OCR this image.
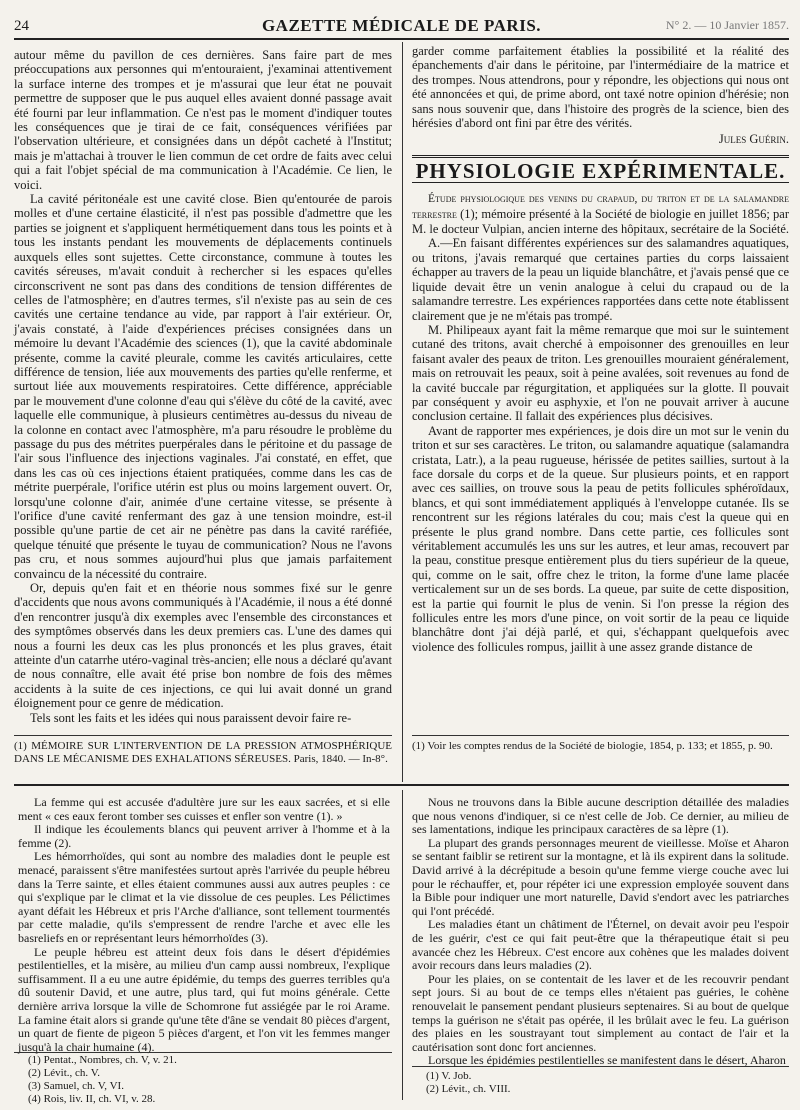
24	GAZETTE MÉDICALE DE PARIS.	N° 2. — 10 Janvier 1857.

autour même du pavillon de ces dernières. Sans faire part de mes préoccupations aux personnes qui m'entouraient, j'examinai attentivement la surface interne des trompes et je m'assurai que leur état ne pouvait permettre de supposer que le pus auquel elles avaient donné passage avait été fourni par leur inflammation. Ce n'est pas le moment d'indiquer toutes les conséquences que je tirai de ce fait, conséquences vérifiées par l'observation ultérieure, et consignées dans un dépôt cacheté à l'Institut; mais je m'attachai à trouver le lien commun de cet ordre de faits avec celui qui a fait l'objet spécial de ma communication à l'Académie. Ce lien, le voici.

La cavité péritonéale est une cavité close. Bien qu'entourée de parois molles et d'une certaine élasticité, il n'est pas possible d'admettre que les parties se joignent et s'appliquent hermétiquement dans tous les points et à tous les instants pendant les mouvements de déplacements continuels auxquels elles sont sujettes. Cette circonstance, commune à toutes les cavités séreuses, m'avait conduit à rechercher si les espaces qu'elles circonscrivent ne sont pas dans des conditions de tension différentes de celles de l'atmosphère; en d'autres termes, s'il n'existe pas au sein de ces cavités une certaine tendance au vide, par rapport à l'air extérieur. Or, j'avais constaté, à l'aide d'expériences précises consignées dans un mémoire lu devant l'Académie des sciences (1), que la cavité abdominale présente, comme la cavité pleurale, comme les cavités articulaires, cette différence de tension, liée aux mouvements des parties qu'elle renferme, et surtout liée aux mouvements respiratoires. Cette différence, appréciable par le mouvement d'une colonne d'eau qui s'élève du côté de la cavité, avec laquelle elle communique, à plusieurs centimètres au-dessus du niveau de la colonne en contact avec l'atmosphère, m'a paru résoudre le problème du passage du pus des métrites puerpérales dans le péritoine et du passage de l'air sous l'influence des injections vaginales. J'ai constaté, en effet, que dans les cas où ces injections étaient pratiquées, comme dans les cas de métrite puerpérale, l'orifice utérin est plus ou moins largement ouvert. Or, lorsqu'une colonne d'air, animée d'une certaine vitesse, se présente à l'orifice d'une cavité renfermant des gaz à une tension moindre, est-il possible qu'une partie de cet air ne pénètre pas dans la cavité raréfiée, quelque ténuité que présente le tuyau de communication? Nous ne l'avons pas cru, et nous sommes aujourd'hui plus que jamais parfaitement convaincu de la nécessité du contraire.

Or, depuis qu'en fait et en théorie nous sommes fixé sur le genre d'accidents que nous avons communiqués à l'Académie, il nous a été donné d'en rencontrer jusqu'à dix exemples avec l'ensemble des circonstances et des symptômes observés dans les deux premiers cas. L'une des dames qui nous a fourni les deux cas les plus prononcés et les plus graves, était atteinte d'un catarrhe utéro-vaginal très-ancien; elle nous a déclaré qu'avant de nous connaître, elle avait été prise bon nombre de fois des mêmes accidents à la suite de ces injections, ce qui lui avait donné un grand éloignement pour ce genre de médication.

Tels sont les faits et les idées qui nous paraissent devoir faire re-

garder comme parfaitement établies la possibilité et la réalité des épanchements d'air dans le péritoine, par l'intermédiaire de la matrice et des trompes. Nous attendrons, pour y répondre, les objections qui nous ont été annoncées et qui, de prime abord, ont taxé notre opinion d'hérésie; non sans nous souvenir que, dans l'histoire des progrès de la science, bien des hérésies d'abord ont fini par être des vérités.

Jules Guérin.
PHYSIOLOGIE EXPÉRIMENTALE.

Étude physiologique des venins du crapaud, du triton et de la salamandre terrestre (1); mémoire présenté à la Société de biologie en juillet 1856; par M. le docteur Vulpian, ancien interne des hôpitaux, secrétaire de la Société.

A.—En faisant différentes expériences sur des salamandres aquatiques, ou tritons, j'avais remarqué que certaines parties du corps laissaient échapper au travers de la peau un liquide blanchâtre, et j'avais pensé que ce liquide devait être un venin analogue à celui du crapaud ou de la salamandre terrestre. Les expériences rapportées dans cette note établissent clairement que je ne m'étais pas trompé.

M. Philipeaux ayant fait la même remarque que moi sur le suintement cutané des tritons, avait cherché à empoisonner des grenouilles en leur faisant avaler des peaux de triton. Les grenouilles mouraient généralement, mais on retrouvait les peaux, soit à peine avalées, soit revenues au fond de la cavité buccale par régurgitation, et appliquées sur la glotte. Il pouvait par conséquent y avoir eu asphyxie, et l'on ne pouvait arriver à aucune conclusion certaine. Il fallait des expériences plus décisives.

Avant de rapporter mes expériences, je dois dire un mot sur le venin du triton et sur ses caractères. Le triton, ou salamandre aquatique (salamandra cristata, Latr.), a la peau rugueuse, hérissée de petites saillies, surtout à la face dorsale du corps et de la queue. Sur plusieurs points, et en rapport avec ces saillies, on trouve sous la peau de petits follicules sphéroïdaux, blancs, et qui sont immédiatement appliqués à l'enveloppe cutanée. Ils se rencontrent sur les régions latérales du cou; mais c'est la queue qui en présente le plus grand nombre. Dans cette partie, ces follicules sont véritablement accumulés les uns sur les autres, et leur amas, recouvert par la peau, constitue presque entièrement plus du tiers supérieur de la queue, qui, comme on le sait, offre chez le triton, la forme d'une lame placée verticalement sur un de ses bords. La queue, par suite de cette disposition, est la partie qui fournit le plus de venin. Si l'on presse la région des follicules entre les mors d'une pince, on voit sortir de la peau ce liquide blanchâtre dont j'ai déjà parlé, et qui, s'échappant quelquefois avec violence des follicules rompus, jaillit à une assez grande distance de

(1) MÉMOIRE SUR L'INTERVENTION DE LA PRESSION ATMOSPHÉRIQUE DANS LE MÉCANISME DES EXHALATIONS SÉREUSES. Paris, 1840. — In-8°.

(1) Voir les comptes rendus de la Société de biologie, 1854, p. 133; et 1855, p. 90.

La femme qui est accusée d'adultère jure sur les eaux sacrées, et si elle ment « ces eaux feront tomber ses cuisses et enfler son ventre (1). »

Il indique les écoulements blancs qui peuvent arriver à l'homme et à la femme (2).

Les hémorrhoïdes, qui sont au nombre des maladies dont le peuple est menacé, paraissent s'être manifestées surtout après l'arrivée du peuple hébreu dans la Terre sainte, et elles étaient communes aussi aux autres peuples : ce qui s'explique par le climat et la vie dissolue de ces peuples. Les Pélictimes ayant défait les Hébreux et pris l'Arche d'alliance, sont tellement tourmentés par cette maladie, qu'ils s'empressent de rendre l'arche et avec elle les basreliefs en or représentant leurs hémorrhoïdes (3).

Le peuple hébreu est atteint deux fois dans le désert d'épidémies pestilentielles, et la misère, au milieu d'un camp aussi nombreux, l'explique suffisamment. Il a eu une autre épidémie, du temps des guerres terribles qu'a dû soutenir David, et une autre, plus tard, qui fut moins générale. Cette dernière arriva lorsque la ville de Schomrone fut assiégée par le roi Arame. La famine était alors si grande qu'une tête d'âne se vendait 80 pièces d'argent, un quart de fiente de pigeon 5 pièces d'argent, et l'on vit les femmes manger jusqu'à la chair humaine (4).

Nous ne trouvons dans la Bible aucune description détaillée des maladies que nous venons d'indiquer, si ce n'est celle de Job. Ce dernier, au milieu de ses lamentations, indique les principaux caractères de sa lèpre (1).

La plupart des grands personnages meurent de vieillesse. Moïse et Aharon se sentant faiblir se retirent sur la montagne, et là ils expirent dans la solitude. David arrivé à la décrépitude a besoin qu'une femme vierge couche avec lui pour le réchauffer, et, pour répéter ici une expression employée souvent dans la Bible pour indiquer une mort naturelle, David s'endort avec les patriarches qui l'ont précédé.

Les maladies étant un châtiment de l'Éternel, on devait avoir peu l'espoir de les guérir, c'est ce qui fait peut-être que la thérapeutique était si peu avancée chez les Hébreux. C'est encore aux cohènes que les malades doivent avoir recours dans leurs maladies (2).

Pour les plaies, on se contentait de les laver et de les recouvrir pendant sept jours. Si au bout de ce temps elles n'étaient pas guéries, le cohène renouvelait le pansement pendant plusieurs septenaires. Si au bout de quelque temps la guérison ne s'était pas opérée, il les brûlait avec le feu. La guérison des plaies en les soustrayant tout simplement au contact de l'air et la cautérisation sont donc fort anciennes.

Lorsque les épidémies pestilentielles se manifestent dans le désert, Aharon

(1) Pentat., Nombres, ch. V, v. 21.

(2) Lévit., ch. V.

(3) Samuel, ch. V, VI.

(4) Rois, liv. II, ch. VI, v. 28.

(1) V. Job.

(2) Lévit., ch. VIII.
